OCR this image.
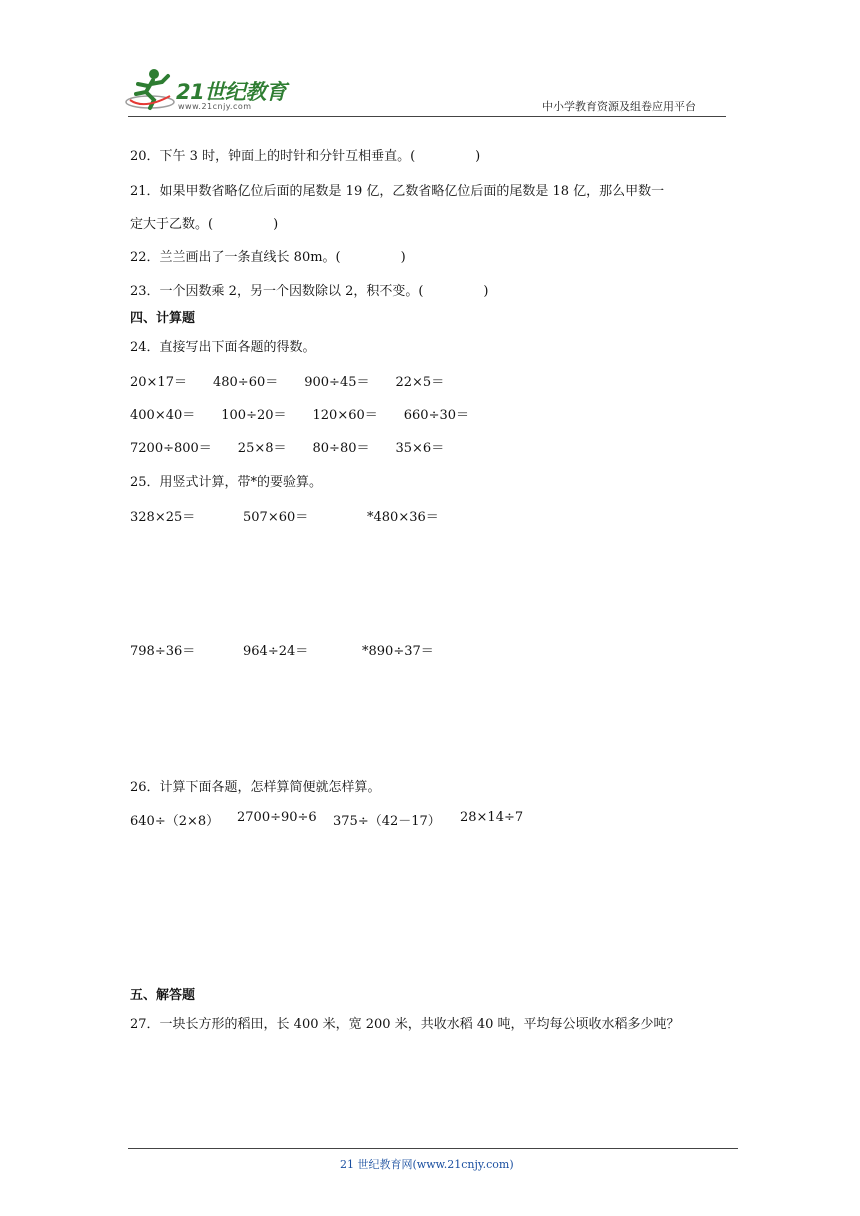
21世纪教育
www.21cnjy.com	中小学教育资源及组卷应用平台
20．下午 3 时，钟面上的时针和分针互相垂直。(	)
21．如果甲数省略亿位后面的尾数是 19 亿，乙数省略亿位后面的尾数是 18 亿，那么甲数一
定大于乙数。(	)
22．兰兰画出了一条直线长 80m。(	)
23．一个因数乘 2，另一个因数除以 2，积不变。(	)
四、计算题
24．直接写出下面各题的得数。
20×17＝ 480÷60＝ 900÷45＝ 22×5＝
400×40＝ 100÷20＝ 120×60＝ 660÷30＝
7200÷800＝ 25×8＝ 80÷80＝ 35×6＝
25．用竖式计算，带*的要验算。
328×25＝	507×60＝	*480×36＝
798÷36＝	964÷24＝	*890÷37＝
26．计算下面各题，怎样算简便就怎样算。
640÷（2×8） 2700÷90÷6 375÷（42－17） 28×14÷7
五、解答题
27．一块长方形的稻田，长 400 米，宽 200 米，共收水稻 40 吨，平均每公顷收水稻多少吨？
21 世纪教育网(www.21cnjy.com)
